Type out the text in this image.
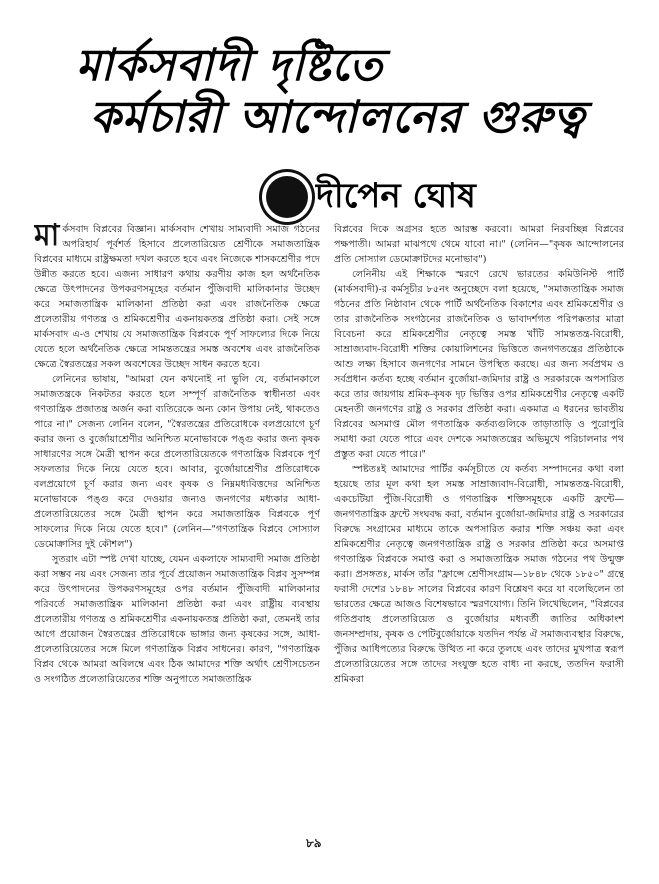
মার্কসবাদী দৃষ্টিতে
কর্মচারী আন্দোলনের গুরুত্ব
দীপেন ঘোষ

মার্কসবাদ বিপ্লবের বিজ্ঞান। মার্কসবাদ শেখায় সাম্যবাদী সমাজ গঠনের অপরিহার্য পূর্বশর্ত হিসাবে প্রলেতারিয়েত শ্রেণীকে সমাজতান্ত্রিক বিপ্লবের মাধ্যমে রাষ্ট্রক্ষমতা দখল করতে হবে এবং নিজেকে শাসকশ্রেণীর পদে উন্নীত করতে হবে। এজন্য সাধারণ কথায় করণীয় কাজ হল অর্থনৈতিক ক্ষেত্রে উৎপাদনের উপকরণসমূহের বর্তমান পুঁজিবাদী মালিকানার উচ্ছেদ করে সমাজতান্ত্রিক মালিকানা প্রতিষ্ঠা করা এবং রাজনৈতিক ক্ষেত্রে প্রলেতারীয় গণতন্ত্র ও শ্রমিকশ্রেণীর একনায়কতন্ত্র প্রতিষ্ঠা করা। সেই সঙ্গে মার্কসবাদ এ-ও শেখায় যে সমাজতান্ত্রিক বিপ্লবকে পূর্ণ সাফল্যের দিকে নিয়ে যেতে হলে অর্থনৈতিক ক্ষেত্রে সামন্ততন্ত্রের সমস্ত অবশেষ এবং রাজনৈতিক ক্ষেত্রে স্বৈরতন্ত্রের সকল অবশেষের উচ্ছেদ সাধন করতে হবে।

লেনিনের ভাষায়, "আমরা যেন কখনোই না ভুলি যে, বর্তমানকালে সমাজতন্ত্রকে নিকটতর করতে হলে সম্পূর্ণ রাজনৈতিক স্বাধীনতা এবং গণতান্ত্রিক প্রজাতন্ত্র অর্জন করা ব্যতিরেকে অন্য কোন উপায় নেই, থাকতেও পারে না।" সেজন্য লেনিন বলেন, "স্বৈরতন্ত্রের প্রতিরোধকে বলপ্রয়োগে চূর্ণ করার জন্য ও বুর্জোয়াশ্রেণীর অনিশ্চিত মনোভাবকে পঙ্গু করার জন্য কৃষক সাধারণের সঙ্গে মৈত্রী স্থাপন করে প্রলেতারিয়েতকে গণতান্ত্রিক বিপ্লবকে পূর্ণ সফলতার দিকে নিয়ে যেতে হবে। আবার, বুর্জোয়াশ্রেণীর প্রতিরোধকে বলপ্রয়োগে চূর্ণ করার জন্য এবং কৃষক ও নিম্নমধ্যবিত্তদের অনিশ্চিত মনোভাবকে পঙ্গু করে দেওয়ার জন্যও জনগণের মধ্যকার আধা-প্রলেতারিয়েতের সঙ্গে মৈত্রী স্থাপন করে সমাজতান্ত্রিক বিপ্লবকে পূর্ণ সাফল্যের দিকে নিয়ে যেতে হবে।" (লেনিন—"গণতান্ত্রিক বিপ্লবে সোস্যাল ডেমোক্রাসির দুই কৌশল")

সুতরাং এটা স্পষ্ট দেখা যাচ্ছে, যেমন একলাফে সাম্যবাদী সমাজ প্রতিষ্ঠা করা সম্ভব নয় এবং সেজন্য তার পূর্বে প্রয়োজন সমাজতান্ত্রিক বিপ্লব সুসম্পন্ন করে উৎপাদনের উপকরণসমূহের ওপর বর্তমান পুঁজিবাদী মালিকানার পরিবর্তে সমাজতান্ত্রিক মালিকানা প্রতিষ্ঠা করা এবং রাষ্ট্রীয় ব্যবস্থায় প্রলেতারীয় গণতন্ত্র ও শ্রমিকশ্রেণীর একনায়কতন্ত্র প্রতিষ্ঠা করা, তেমনই তার আগে প্রয়োজন স্বৈরতন্ত্রের প্রতিরোধকে ভাঙ্গার জন্য কৃষকের সঙ্গে, আধা-প্রলেতারিয়েতের সঙ্গে মিলে গণতান্ত্রিক বিপ্লব সাধনের। কারণ, "গণতান্ত্রিক বিপ্লব থেকে আমরা অবিলম্বে এবং ঠিক আমাদের শক্তি অর্থাৎ শ্রেণীসচেতন ও সংগঠিত প্রলেতারিয়েতের শক্তি অনুপাতে সমাজতান্ত্রিক

বিপ্লবের দিকে অগ্রসর হতে আরম্ভ করবো। আমরা নিরবচ্ছিন্ন বিপ্লবের পক্ষপাতী। আমরা মাঝপথে থেমে যাবো না।" (লেনিন—"কৃষক আন্দোলনের প্রতি সোস্যাল ডেমোক্রাটদের মনোভাব")

লেনিনীয় এই শিক্ষাকে স্মরণে রেখে ভারতের কমিউনিস্ট পার্টি (মার্কসবাদী)-র কর্মসূচীর ৮৫নং অনুচ্ছেদে বলা হয়েছে, "সমাজতান্ত্রিক সমাজ গঠনের প্রতি নিষ্ঠাবান থেকে পার্টি অর্থনৈতিক বিকাশের এবং শ্রমিকশ্রেণীর ও তার রাজনৈতিক সংগঠনের রাজনৈতিক ও ভাবাদর্শগত পরিপক্কতার মাত্রা বিবেচনা করে শ্রমিকশ্রেণীর নেতৃত্বে সমস্ত খাঁটি সামন্ততন্ত্র-বিরোধী, সাম্রাজ্যবাদ-বিরোধী শক্তির কোয়ালিশনের ভিত্তিতে জনগণতন্ত্রের প্রতিষ্ঠাকে আশু লক্ষ্য হিসাবে জনগণের সামনে উপস্থিত করছে। এর জন্য সর্বপ্রথম ও সর্বপ্রধান কর্তব্য হচ্ছে বর্তমান বুর্জোয়া-জমিদার রাষ্ট্র ও সরকারকে অপসারিত করে তার জায়গায় শ্রমিক-কৃষক দৃঢ় ভিত্তির ওপর শ্রমিকশ্রেণীর নেতৃত্বে একটি মেহনতী জনগণের রাষ্ট্র ও সরকার প্রতিষ্ঠা করা। একমাত্র এ ধরনের ভাবতীয় বিপ্লবের অসমাপ্ত মৌল গণতান্ত্রিক কর্তব্যগুলিকে তাড়াতাড়ি ও পুরোপুরি সমাধা করা যেতে পারে এবং দেশকে সমাজতন্ত্রের অভিমুখে পরিচালনার পথ প্রস্তুত করা যেতে পারে।"

স্পষ্টতঃই আমাদের পার্টির কর্মসূচীতে যে কর্তব্য সম্পাদনের কথা বলা হয়েছে তার মূল কথা হল সমস্ত সাম্রাজ্যবাদ-বিরোধী, সামন্ততন্ত্র-বিরোধী, একচেটিয়া পুঁজি-বিরোধী ও গণতান্ত্রিক শক্তিসমূহকে একটি ফ্রন্টে—জনগণতান্ত্রিক ফ্রন্টে সংঘবদ্ধ করা, বর্তমান বুর্জোয়া-জমিদার রাষ্ট্র ও সরকারের বিরুদ্ধে সংগ্রামের মাধ্যমে তাকে অপসারিত করার শক্তি সঞ্চয় করা এবং শ্রমিকশ্রেণীর নেতৃত্বে জনগণতান্ত্রিক রাষ্ট্র ও সরকার প্রতিষ্ঠা করে অসমাপ্ত গণতান্ত্রিক বিপ্লবকে সমাপ্ত করা ও সমাজতান্ত্রিক সমাজ গঠনের পথ উন্মুক্ত করা। প্রসঙ্গতঃ, মার্কস তাঁর "ফ্রান্সে শ্রেণীসংগ্রাম—১৮৪৮ থেকে ১৮৫০" গ্রন্থে ফরাসী দেশের ১৮৪৮ সালের বিপ্লবের কারণ বিশ্লেষণ করে যা বলেছিলেন তা ভারতের ক্ষেত্রে আজও বিশেষভাবে স্মরণযোগ্য। তিনি লিখেছিলেন, "বিপ্লবের গতিপ্রবাহ প্রলেতারিয়েত ও বুর্জোয়ার মধ্যবর্তী জাতির অধিকাংশ জনসম্প্রদায়, কৃষক ও পেটিবুর্জোয়াকে যতদিন পর্যন্ত ঐ সমাজব্যবস্থার বিরুদ্ধে, পুঁজির আধিপত্যের বিরুদ্ধে উত্থিত না করে তুলছে এবং তাদের মুখপাত্র স্বরূপ প্রলেতারিয়েতের সঙ্গে তাদের সংযুক্ত হতে বাধ্য না করছে, ততদিন ফরাসী শ্রমিকরা

৮৯
